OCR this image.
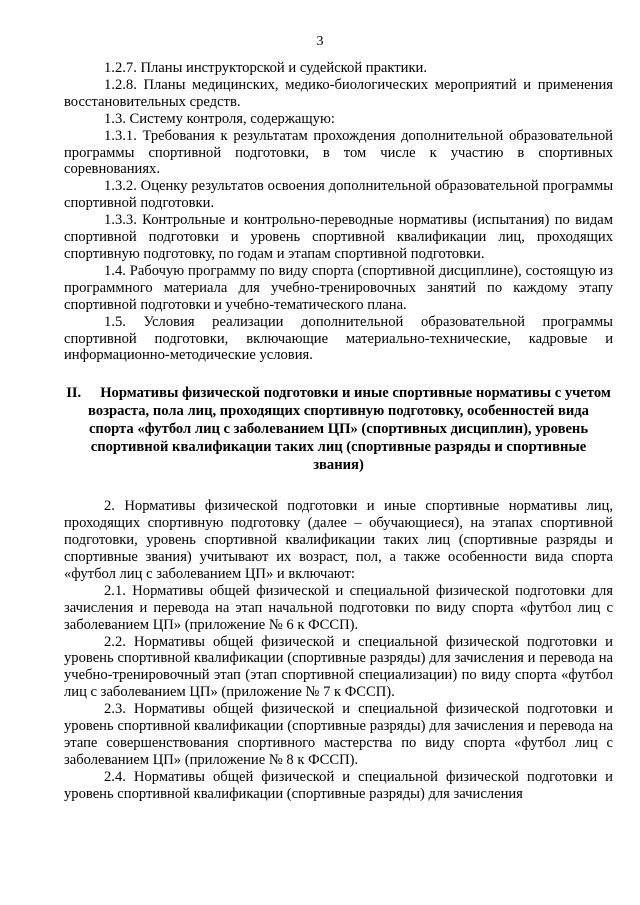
3

1.2.7. Планы инструкторской и судейской практики.

1.2.8. Планы медицинских, медико-биологических мероприятий и применения восстановительных средств.

1.3. Систему контроля, содержащую:

1.3.1. Требования к результатам прохождения дополнительной образовательной программы спортивной подготовки, в том числе к участию в спортивных соревнованиях.

1.3.2. Оценку результатов освоения дополнительной образовательной программы спортивной подготовки.

1.3.3. Контрольные и контрольно-переводные нормативы (испытания) по видам спортивной подготовки и уровень спортивной квалификации лиц, проходящих спортивную подготовку, по годам и этапам спортивной подготовки.

1.4. Рабочую программу по виду спорта (спортивной дисциплине), состоящую из программного материала для учебно-тренировочных занятий по каждому этапу спортивной подготовки и учебно-тематического плана.

1.5. Условия реализации дополнительной образовательной программы спортивной подготовки, включающие материально-технические, кадровые и информационно-методические условия.

II. Нормативы физической подготовки и иные спортивные нормативы с учетом возраста, пола лиц, проходящих спортивную подготовку, особенностей вида спорта «футбол лиц с заболеванием ЦП» (спортивных дисциплин), уровень спортивной квалификации таких лиц (спортивные разряды и спортивные звания)

2. Нормативы физической подготовки и иные спортивные нормативы лиц, проходящих спортивную подготовку (далее – обучающиеся), на этапах спортивной подготовки, уровень спортивной квалификации таких лиц (спортивные разряды и спортивные звания) учитывают их возраст, пол, а также особенности вида спорта «футбол лиц с заболеванием ЦП» и включают:

2.1. Нормативы общей физической и специальной физической подготовки для зачисления и перевода на этап начальной подготовки по виду спорта «футбол лиц с заболеванием ЦП» (приложение № 6 к ФССП).

2.2. Нормативы общей физической и специальной физической подготовки и уровень спортивной квалификации (спортивные разряды) для зачисления и перевода на учебно-тренировочный этап (этап спортивной специализации) по виду спорта «футбол лиц с заболеванием ЦП» (приложение № 7 к ФССП).

2.3. Нормативы общей физической и специальной физической подготовки и уровень спортивной квалификации (спортивные разряды) для зачисления и перевода на этапе совершенствования спортивного мастерства по виду спорта «футбол лиц с заболеванием ЦП» (приложение № 8 к ФССП).

2.4. Нормативы общей физической и специальной физической подготовки и уровень спортивной квалификации (спортивные разряды) для зачисления
